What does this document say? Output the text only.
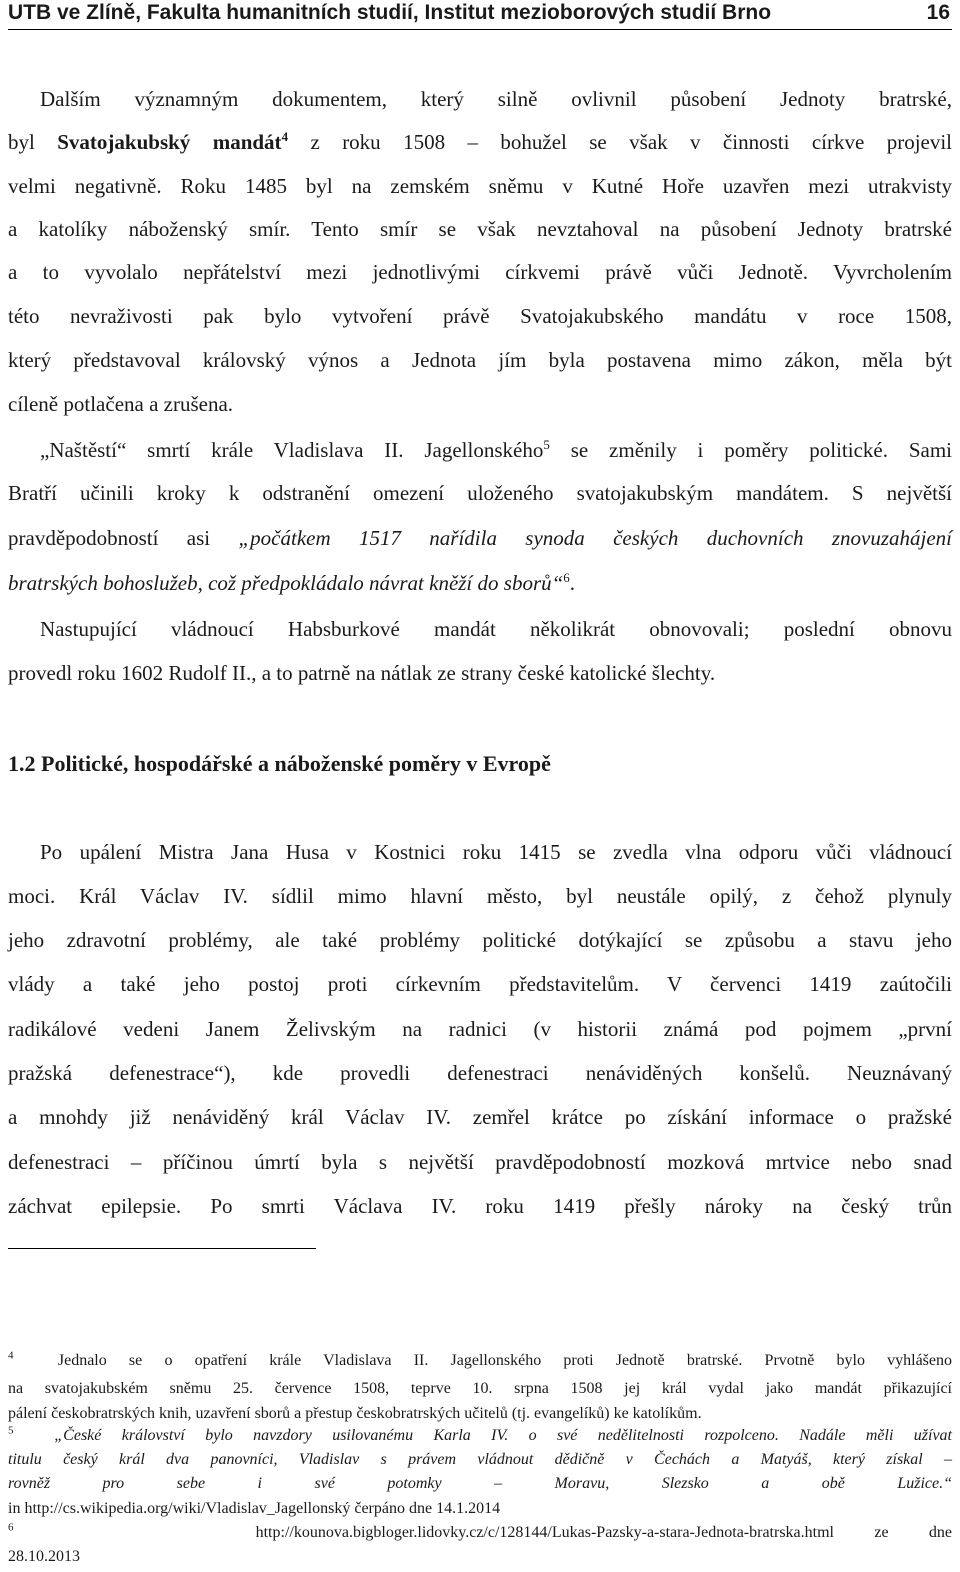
UTB ve Zlíně, Fakulta humanitních studií, Institut mezioborových studií Brno	16
Dalším významným dokumentem, který silně ovlivnil působení Jednoty bratrské,
byl Svatojakubský mandát$^4$ z roku 1508 – bohužel se však v činnosti církve projevil
velmi negativně. Roku 1485 byl na zemském sněmu v Kutné Hoře uzavřen mezi utrakvisty
a katolíky náboženský smír. Tento smír se však nevztahoval na působení Jednoty bratrské
a to vyvolalo nepřátelství mezi jednotlivými církvemi právě vůči Jednotě. Vyvrcholením
této nevraživosti pak bylo vytvoření právě Svatojakubského mandátu v roce 1508,
který představoval královský výnos a Jednota jím byla postavena mimo zákon, měla být
cíleně potlačena a zrušena.
„Naštěstí“ smrtí krále Vladislava II. Jagellonského$^5$ se změnily i poměry politické. Sami
Bratří učinili kroky k odstranění omezení uloženého svatojakubským mandátem. S největší
pravděpodobností asi „počátkem 1517 nařídila synoda českých duchovních znovuzahájení
bratrských bohoslužeb, což předpokládalo návrat kněží do sborů“$^6$.
Nastupující vládnoucí Habsburkové mandát několikrát obnovovali; poslední obnovu
provedl roku 1602 Rudolf II., a to patrně na nátlak ze strany české katolické šlechty.
1.2 Politické, hospodářské a náboženské poměry v Evropě
Po upálení Mistra Jana Husa v Kostnici roku 1415 se zvedla vlna odporu vůči vládnoucí
moci. Král Václav IV. sídlil mimo hlavní město, byl neustále opilý, z čehož plynuly
jeho zdravotní problémy, ale také problémy politické dotýkající se způsobu a stavu jeho
vlády a také jeho postoj proti církevním představitelům. V červenci 1419 zaútočili
radikálové vedeni Janem Želivským na radnici (v historii známá pod pojmem „první
pražská defenestrace“), kde provedli defenestraci nenáviděných konšelů. Neuznávaný
a mnohdy již nenáviděný král Václav IV. zemřel krátce po získání informace o pražské
defenestraci – příčinou úmrtí byla s největší pravděpodobností mozková mrtvice nebo snad
záchvat epilepsie. Po smrti Václava IV. roku 1419 přešly nároky na český trůn
$^4$	Jednalo se o opatření krále Vladislava II. Jagellonského proti Jednotě bratrské. Prvotně bylo vyhlášeno
na svatojakubském sněmu 25. července 1508, teprve 10. srpna 1508 jej král vydal jako mandát přikazující
pálení českobratrských knih, uzavření sborů a přestup českobratrských učitelů (tj. evangelíků) ke katolíkům.
$^5$	„České království bylo navzdory usilovanému Karla IV. o své nedělitelnosti rozpolceno. Nadále měli užívat
titulu český král dva panovníci, Vladislav s právem vládnout dědičně v Čechách a Matyáš, který získal –
rovněž pro sebe i své potomky – Moravu, Slezsko a obě Lužice.“
in http://cs.wikipedia.org/wiki/Vladislav_Jagellonský čerpáno dne 14.1.2014
$^6$	http://kounova.bigbloger.lidovky.cz/c/128144/Lukas-Pazsky-a-stara-Jednota-bratrska.html	ze	dne
28.10.2013
